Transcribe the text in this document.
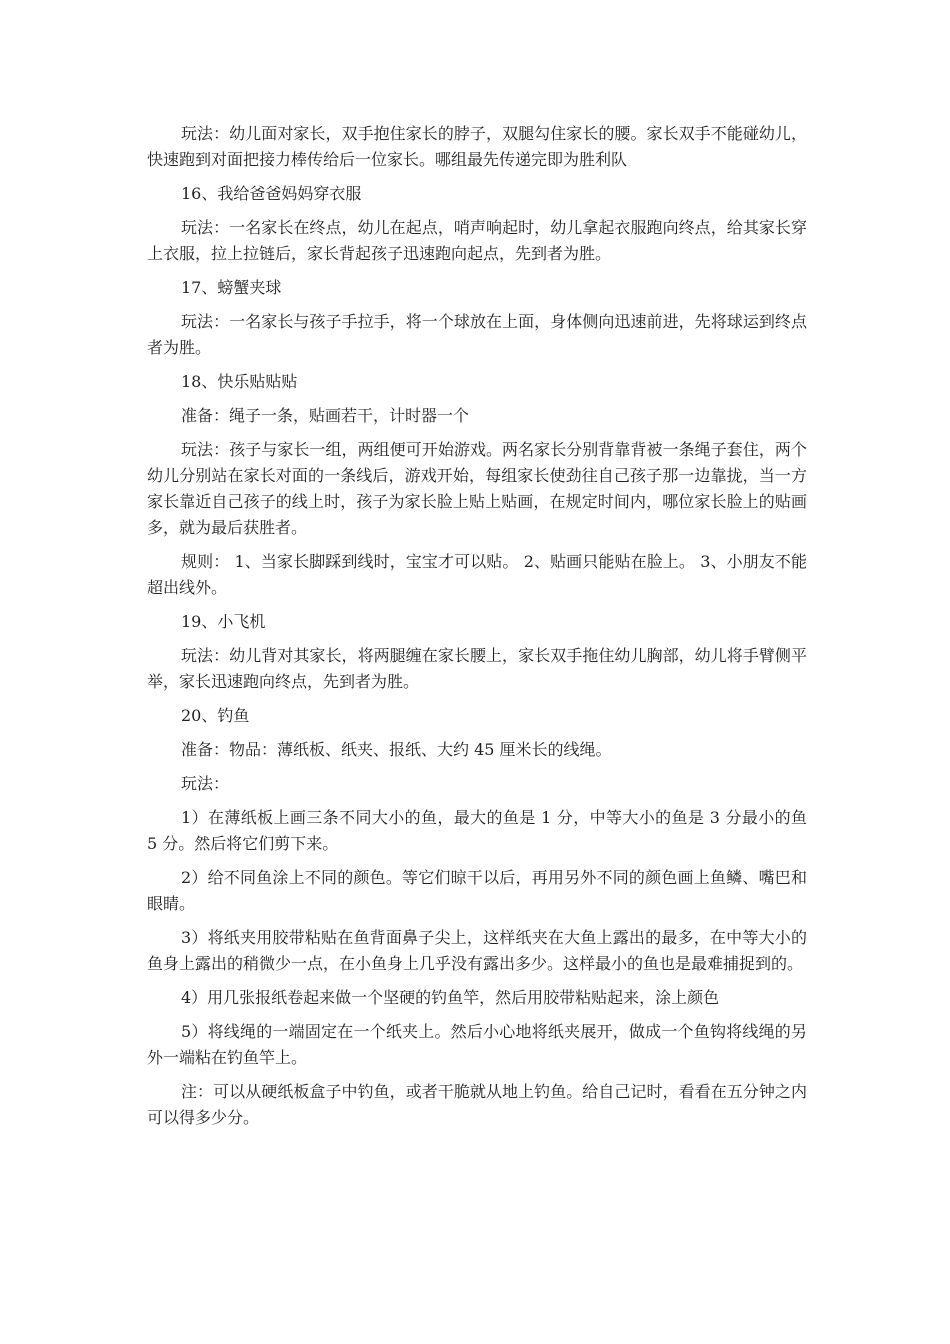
玩法：幼儿面对家长，双手抱住家长的脖子，双腿勾住家长的腰。家长双手不能碰幼儿，快速跑到对面把接力棒传给后一位家长。哪组最先传递完即为胜利队

16、我给爸爸妈妈穿衣服

玩法：一名家长在终点，幼儿在起点，哨声响起时，幼儿拿起衣服跑向终点，给其家长穿上衣服，拉上拉链后，家长背起孩子迅速跑向起点，先到者为胜。

17、螃蟹夹球

玩法：一名家长与孩子手拉手，将一个球放在上面，身体侧向迅速前进，先将球运到终点者为胜。

18、快乐贴贴贴

准备：绳子一条，贴画若干，计时器一个

玩法：孩子与家长一组，两组便可开始游戏。两名家长分别背靠背被一条绳子套住，两个幼儿分别站在家长对面的一条线后，游戏开始，每组家长使劲往自己孩子那一边靠拢，当一方家长靠近自己孩子的线上时，孩子为家长脸上贴上贴画，在规定时间内，哪位家长脸上的贴画多，就为最后获胜者。

规则： 1、当家长脚踩到线时，宝宝才可以贴。 2、贴画只能贴在脸上。 3、小朋友不能超出线外。

19、小飞机

玩法：幼儿背对其家长，将两腿缠在家长腰上，家长双手拖住幼儿胸部，幼儿将手臂侧平举，家长迅速跑向终点，先到者为胜。

20、钓鱼

准备：物品：薄纸板、纸夹、报纸、大约 45 厘米长的线绳。

玩法：

1）在薄纸板上画三条不同大小的鱼，最大的鱼是 1 分，中等大小的鱼是 3 分最小的鱼 5 分。然后将它们剪下来。

2）给不同鱼涂上不同的颜色。等它们晾干以后，再用另外不同的颜色画上鱼鳞、嘴巴和眼睛。

3）将纸夹用胶带粘贴在鱼背面鼻子尖上，这样纸夹在大鱼上露出的最多，在中等大小的鱼身上露出的稍微少一点，在小鱼身上几乎没有露出多少。这样最小的鱼也是最难捕捉到的。

4）用几张报纸卷起来做一个坚硬的钓鱼竿，然后用胶带粘贴起来，涂上颜色

5）将线绳的一端固定在一个纸夹上。然后小心地将纸夹展开，做成一个鱼钩将线绳的另外一端粘在钓鱼竿上。

注：可以从硬纸板盒子中钓鱼，或者干脆就从地上钓鱼。给自己记时，看看在五分钟之内可以得多少分。
